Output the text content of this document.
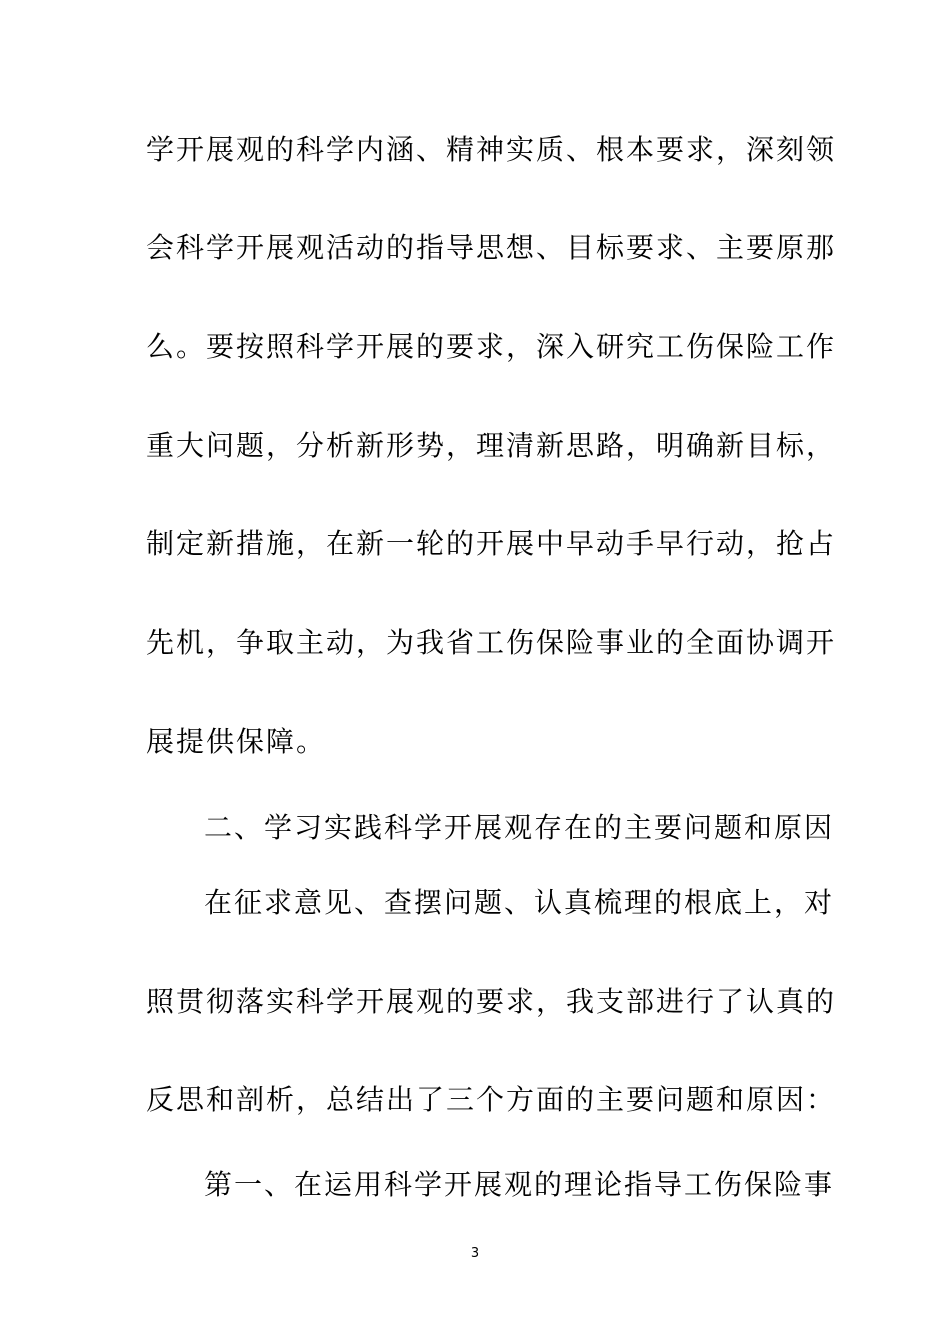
学开展观的科学内涵、精神实质、根本要求，深刻领
会科学开展观活动的指导思想、目标要求、主要原那
么。要按照科学开展的要求，深入研究工伤保险工作
重大问题，分析新形势，理清新思路，明确新目标，
制定新措施，在新一轮的开展中早动手早行动，抢占
先机，争取主动，为我省工伤保险事业的全面协调开
展提供保障。
二、学习实践科学开展观存在的主要问题和原因
在征求意见、查摆问题、认真梳理的根底上，对
照贯彻落实科学开展观的要求，我支部进行了认真的
反思和剖析，总结出了三个方面的主要问题和原因：
第一、在运用科学开展观的理论指导工伤保险事
3
